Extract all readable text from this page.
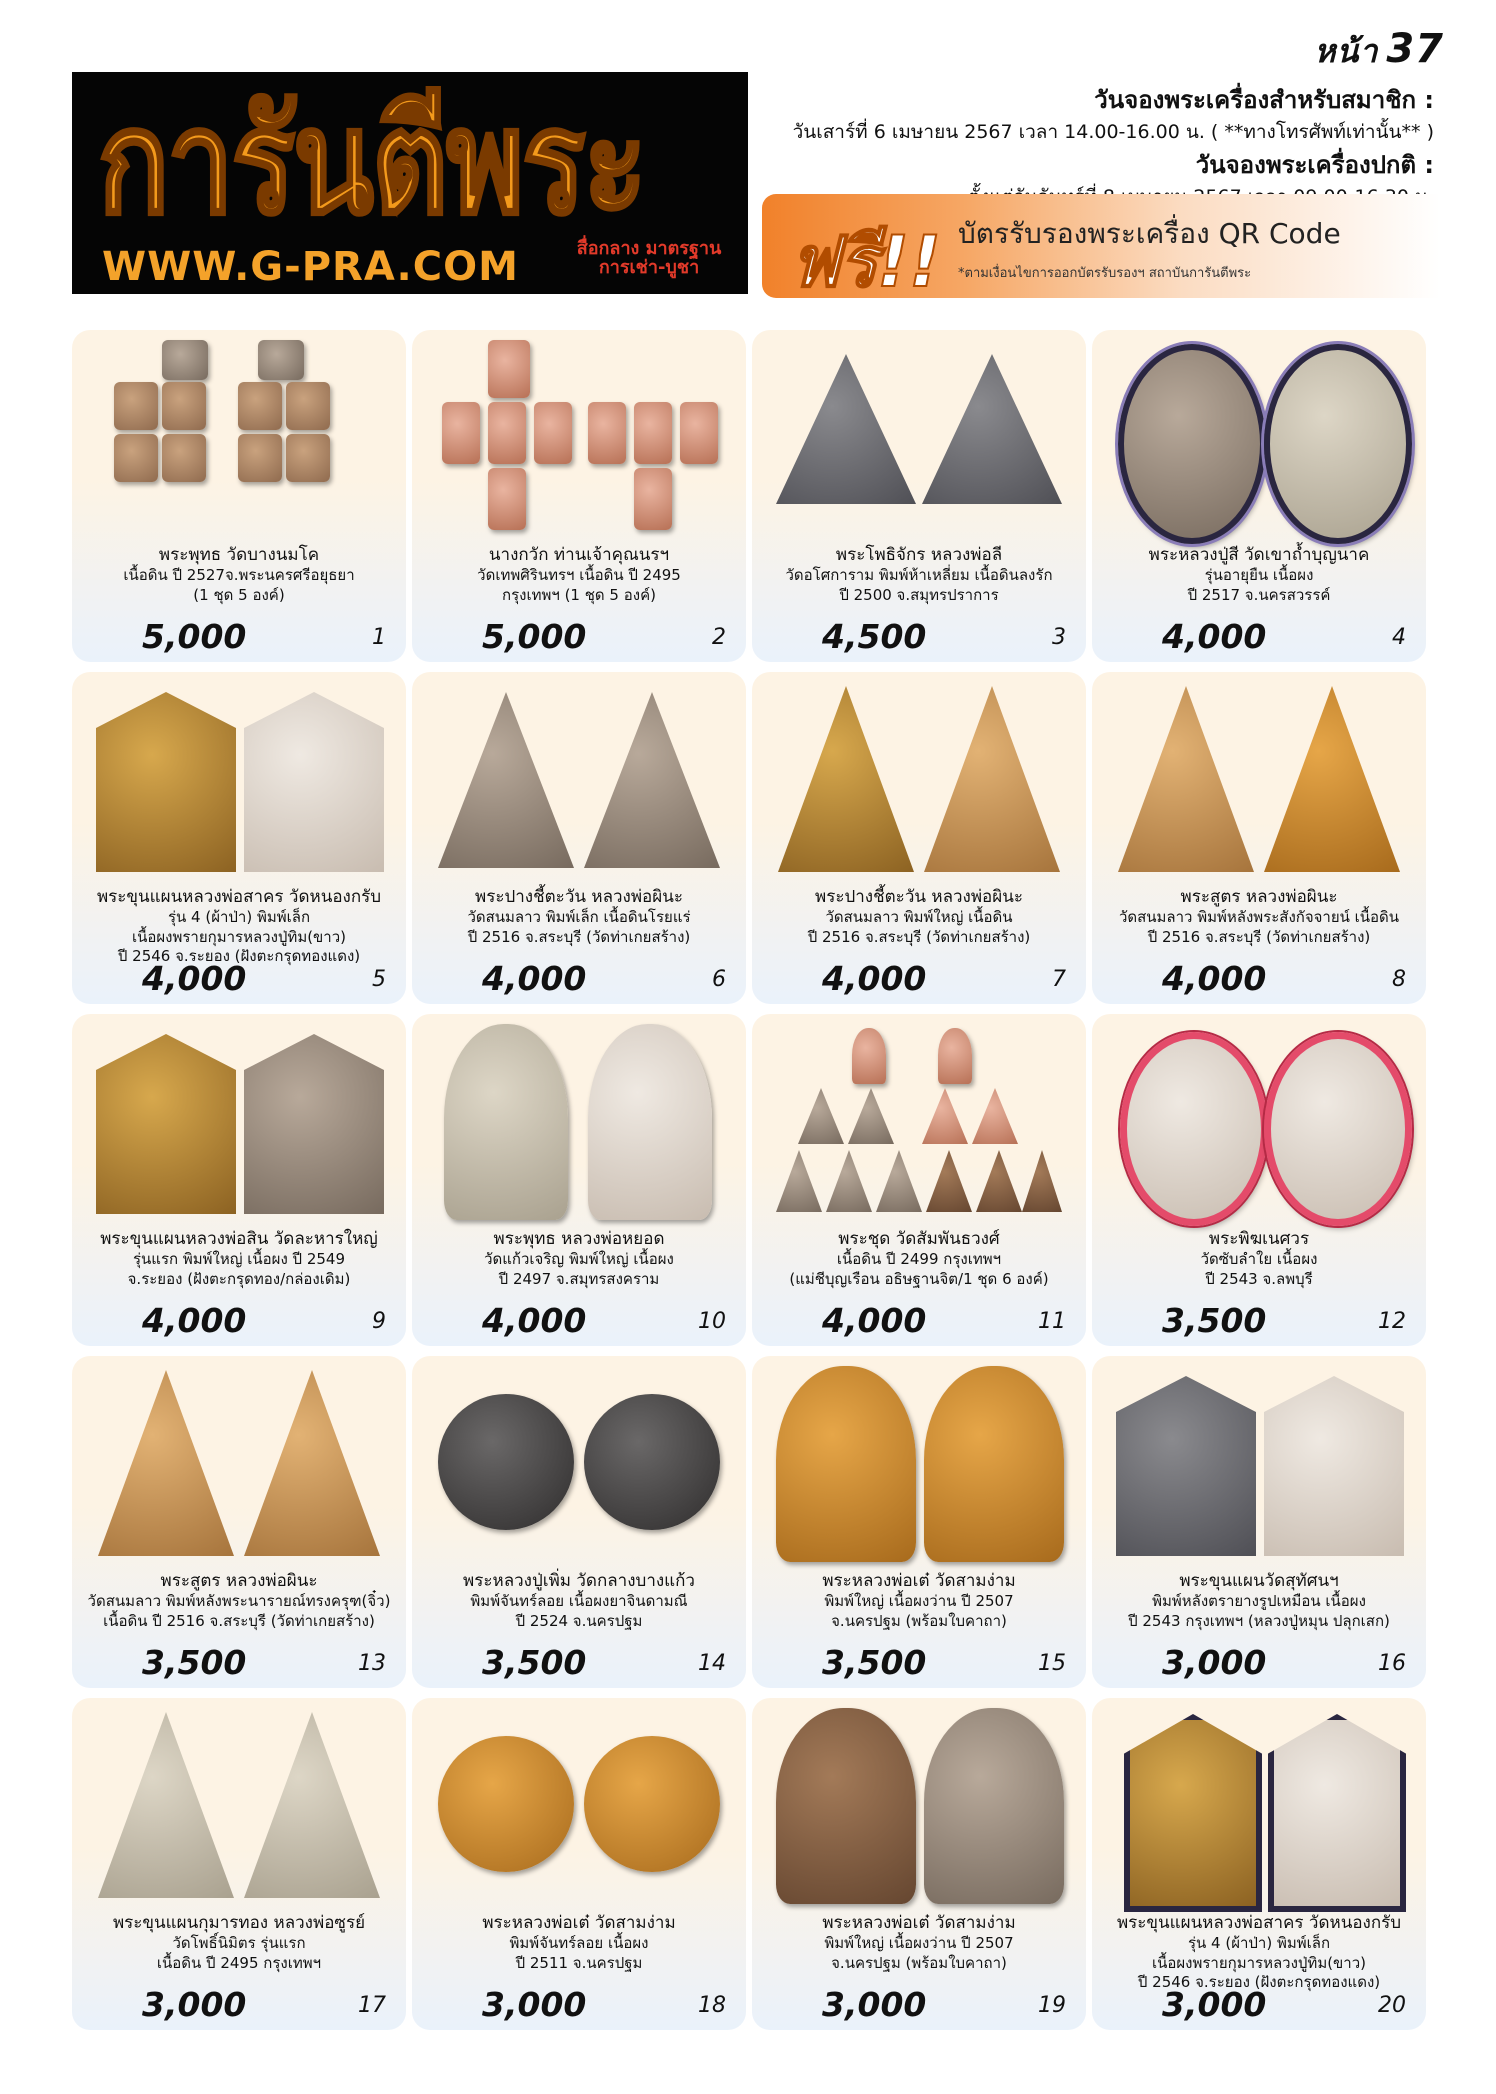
หน้า 37
การันตีพระ
WWW.G-PRA.COM	สื่อกลาง มาตรฐาน
การเช่า-บูชา
วันจองพระเครื่องสำหรับสมาชิก :
วันเสาร์ที่ 6 เมษายน 2567 เวลา 14.00-16.00 น. ( **ทางโทรศัพท์เท่านั้น** )
วันจองพระเครื่องปกติ :
ฟรี!! บัตรรับรองพระเครื่อง QR Code
*ตามเงื่อนไขการออกบัตรรับรองฯ สถาบันการันตีพระ
พระพุทธ วัดบางนมโค
เนื้อดิน ปี 2527จ.พระนครศรีอยุธยา
(1 ชุด 5 องค์)
5,000	1
นางกวัก ท่านเจ้าคุณนรฯ
วัดเทพศิรินทรฯ เนื้อดิน ปี 2495
กรุงเทพฯ (1 ชุด 5 องค์)
5,000	2
พระโพธิจักร หลวงพ่อลี
วัดอโศการาม พิมพ์ห้าเหลี่ยม เนื้อดินลงรัก
ปี 2500 จ.สมุทรปราการ
4,500	3
พระหลวงปู่สี วัดเขาถ้ำบุญนาค
รุ่นอายุยืน เนื้อผง
ปี 2517 จ.นครสวรรค์
4,000	4
พระขุนแผนหลวงพ่อสาคร วัดหนองกรับ
รุ่น 4 (ผ้าป่า) พิมพ์เล็ก
เนื้อผงพรายกุมารหลวงปู่ทิม(ขาว)
ปี 2546 จ.ระยอง (ฝังตะกรุดทองแดง)
4,000	5
พระปางชี้ตะวัน หลวงพ่อผินะ
วัดสนมลาว พิมพ์เล็ก เนื้อดินโรยแร่
ปี 2516 จ.สระบุรี (วัดท่าเกยสร้าง)
4,000	6
พระปางชี้ตะวัน หลวงพ่อผินะ
วัดสนมลาว พิมพ์ใหญ่ เนื้อดิน
ปี 2516 จ.สระบุรี (วัดท่าเกยสร้าง)
4,000	7
พระสูตร หลวงพ่อผินะ
วัดสนมลาว พิมพ์หลังพระสังกัจจายน์ เนื้อดิน
ปี 2516 จ.สระบุรี (วัดท่าเกยสร้าง)
4,000	8
พระขุนแผนหลวงพ่อสิน วัดละหารใหญ่
รุ่นแรก พิมพ์ใหญ่ เนื้อผง ปี 2549
จ.ระยอง (ฝังตะกรุดทอง/กล่องเดิม)
4,000	9
พระพุทธ หลวงพ่อหยอด
วัดแก้วเจริญ พิมพ์ใหญ่ เนื้อผง
ปี 2497 จ.สมุทรสงคราม
4,000	10
พระชุด วัดสัมพันธวงศ์
เนื้อดิน ปี 2499 กรุงเทพฯ
(แม่ชีบุญเรือน อธิษฐานจิต/1 ชุด 6 องค์)
4,000	11
พระพิฆเนศวร
วัดซับลำใย เนื้อผง
ปี 2543 จ.ลพบุรี
3,500	12
พระสูตร หลวงพ่อผินะ
วัดสนมลาว พิมพ์หลังพระนารายณ์ทรงครุฑ(จิ๋ว)
เนื้อดิน ปี 2516 จ.สระบุรี (วัดท่าเกยสร้าง)
3,500	13
พระหลวงปู่เพิ่ม วัดกลางบางแก้ว
พิมพ์จันทร์ลอย เนื้อผงยาจินดามณี
ปี 2524 จ.นครปฐม
3,500	14
พระหลวงพ่อเต๋ วัดสามง่าม
พิมพ์ใหญ่ เนื้อผงว่าน ปี 2507
จ.นครปฐม (พร้อมใบคาถา)
3,500	15
พระขุนแผนวัดสุทัศนฯ
พิมพ์หลังตรายางรูปเหมือน เนื้อผง
ปี 2543 กรุงเทพฯ (หลวงปู่หมุน ปลุกเสก)
3,000	16
พระขุนแผนกุมารทอง หลวงพ่อซูรย์
วัดโพธิ์นิมิตร รุ่นแรก
เนื้อดิน ปี 2495 กรุงเทพฯ
3,000	17
พระหลวงพ่อเต๋ วัดสามง่าม
พิมพ์จันทร์ลอย เนื้อผง
ปี 2511 จ.นครปฐม
3,000	18
พระหลวงพ่อเต๋ วัดสามง่าม
พิมพ์ใหญ่ เนื้อผงว่าน ปี 2507
จ.นครปฐม (พร้อมใบคาถา)
3,000	19
พระขุนแผนหลวงพ่อสาคร วัดหนองกรับ
รุ่น 4 (ผ้าป่า) พิมพ์เล็ก
เนื้อผงพรายกุมารหลวงปู่ทิม(ขาว)
ปี 2546 จ.ระยอง (ฝังตะกรุดทองแดง)
3,000	20
